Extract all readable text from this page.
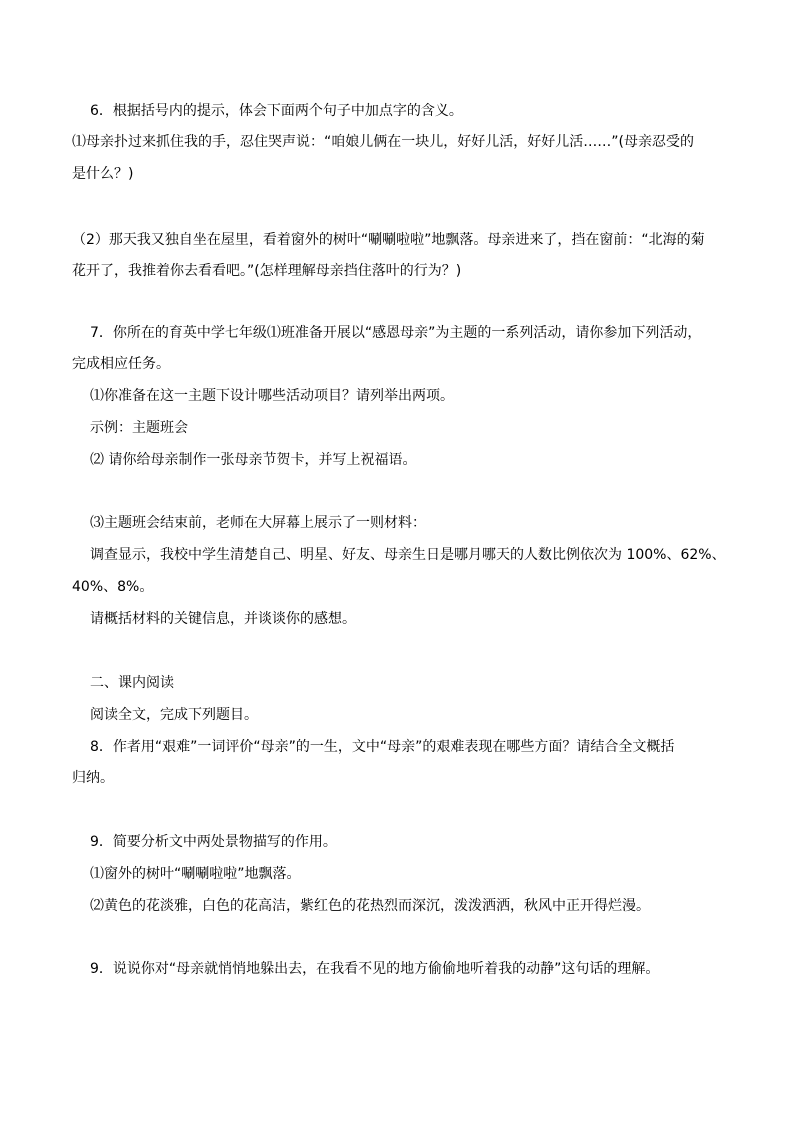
6．根据括号内的提示，体会下面两个句子中加点字的含义。
⑴母亲扑过来抓住我的手，忍住哭声说：“咱娘儿俩在一块儿，好好儿活，好好儿活……”(母亲忍受的
是什么？)
（2）那天我又独自坐在屋里，看着窗外的树叶“唰唰啦啦”地飘落。母亲进来了，挡在窗前：“北海的菊
花开了，我推着你去看看吧。”(怎样理解母亲挡住落叶的行为？)
7．你所在的育英中学七年级⑴班准备开展以“感恩母亲”为主题的一系列活动，请你参加下列活动，
完成相应任务。
⑴你准备在这一主题下设计哪些活动项目？请列举出两项。
示例：主题班会
⑵ 请你给母亲制作一张母亲节贺卡，并写上祝福语。
⑶主题班会结束前，老师在大屏幕上展示了一则材料：
调查显示，我校中学生清楚自己、明星、好友、母亲生日是哪月哪天的人数比例依次为 100%、62%、
40%、8%。
请概括材料的关键信息，并谈谈你的感想。
二、课内阅读
阅读全文，完成下列题目。
8．作者用“艰难”一词评价“母亲”的一生，文中“母亲”的艰难表现在哪些方面？请结合全文概括
归纳。
9．简要分析文中两处景物描写的作用。
⑴窗外的树叶“唰唰啦啦”地飘落。
⑵黄色的花淡雅，白色的花高洁，紫红色的花热烈而深沉，泼泼洒洒，秋风中正开得烂漫。
9．说说你对“母亲就悄悄地躲出去，在我看不见的地方偷偷地听着我的动静”这句话的理解。
